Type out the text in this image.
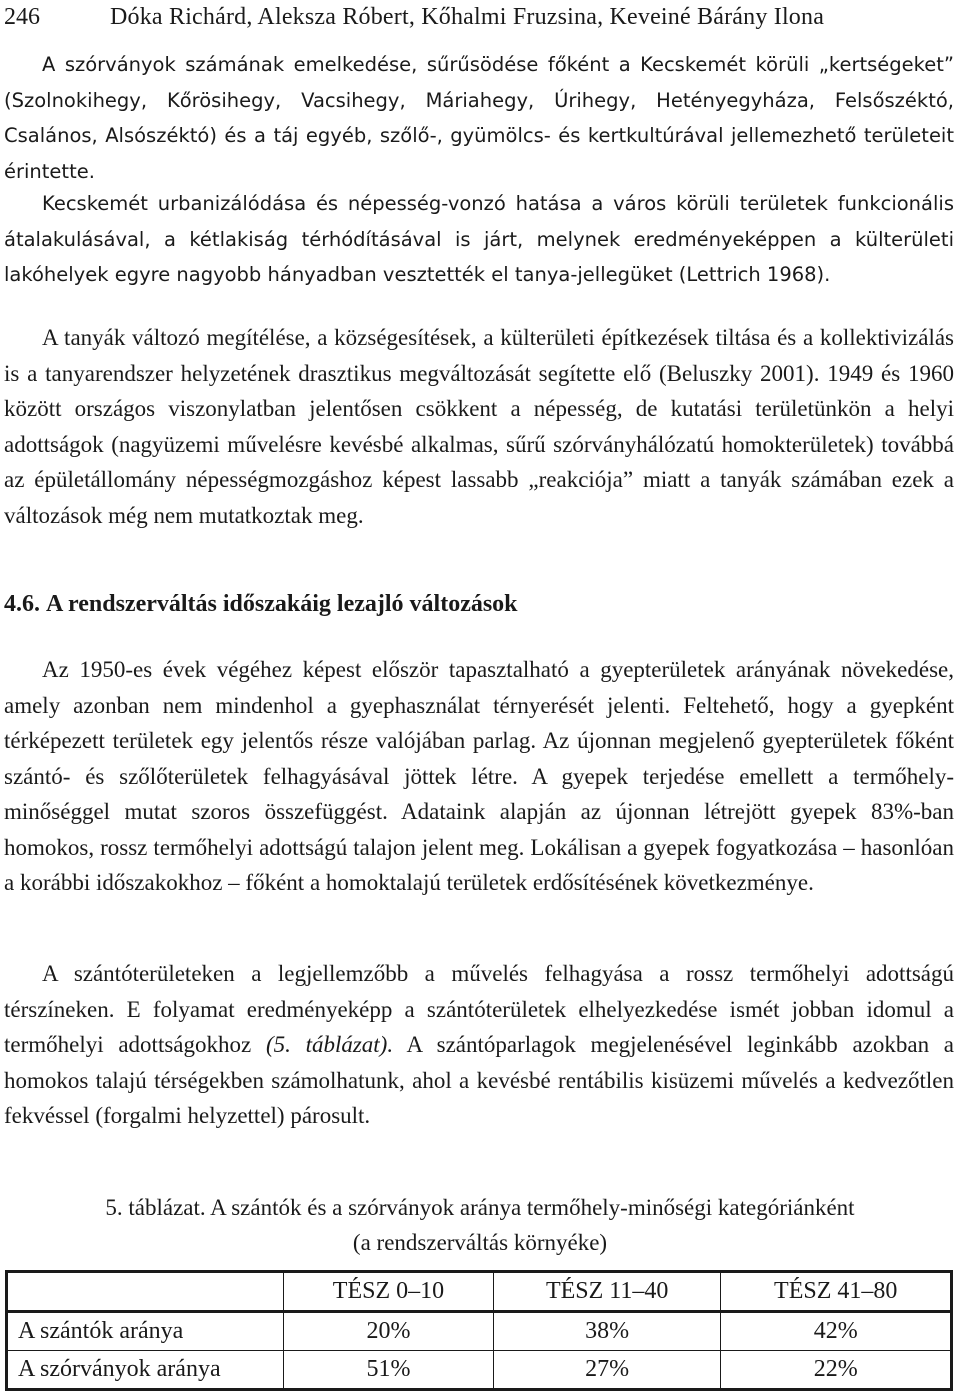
246	Dóka Richárd, Aleksza Róbert, Kőhalmi Fruzsina, Keveiné Bárány Ilona

A szórványok számának emelkedése, sűrűsödése főként a Kecskemét körüli „kertségeket” (Szolnokihegy, Kőrösihegy, Vacsihegy, Máriahegy, Úrihegy, Hetényegyháza, Felsőszéktó, Csalános, Alsószéktó) és a táj egyéb, szőlő-, gyümölcs- és kertkultúrával jellemezhető területeit érintette.

Kecskemét urbanizálódása és népesség-vonzó hatása a város körüli területek funkcionális átalakulásával, a kétlakiság térhódításával is járt, melynek eredményeképpen a külterületi lakóhelyek egyre nagyobb hányadban vesztették el tanya-jellegüket (Lettrich 1968).

A tanyák változó megítélése, a községesítések, a külterületi építkezések tiltása és a kollektivizálás is a tanyarendszer helyzetének drasztikus megváltozását segítette elő (Beluszky 2001). 1949 és 1960 között országos viszonylatban jelentősen csökkent a népesség, de kutatási területünkön a helyi adottságok (nagyüzemi művelésre kevésbé alkalmas, sűrű szórványhálózatú homokterületek) továbbá az épületállomány népességmozgáshoz képest lassabb „reakciója” miatt a tanyák számában ezek a változások még nem mutatkoztak meg.

4.6. A rendszerváltás időszakáig lezajló változások

Az 1950-es évek végéhez képest először tapasztalható a gyepterületek arányának növekedése, amely azonban nem mindenhol a gyephasználat térnyerését jelenti. Feltehető, hogy a gyepként térképezett területek egy jelentős része valójában parlag. Az újonnan megjelenő gyepterületek főként szántó- és szőlőterületek felhagyásával jöttek létre. A gyepek terjedése emellett a termőhely-minőséggel mutat szoros összefüggést. Adataink alapján az újonnan létrejött gyepek 83%-ban homokos, rossz termőhelyi adottságú talajon jelent meg. Lokálisan a gyepek fogyatkozása – hasonlóan a korábbi időszakokhoz – főként a homoktalajú területek erdősítésének következménye.

A szántóterületeken a legjellemzőbb a művelés felhagyása a rossz termőhelyi adottságú térszíneken. E folyamat eredményeképp a szántóterületek elhelyezkedése ismét jobban idomul a termőhelyi adottságokhoz (5. táblázat). A szántóparlagok megjelenésével leginkább azokban a homokos talajú térségekben számolhatunk, ahol a kevésbé rentábilis kisüzemi művelés a kedvezőtlen fekvéssel (forgalmi helyzettel) párosult.

5. táblázat. A szántók és a szórványok aránya termőhely-minőségi kategóriánként
(a rendszerváltás környéke)
	TÉSZ 0–10	TÉSZ 11–40	TÉSZ 41–80
A szántók aránya	20%	38%	42%
A szórványok aránya	51%	27%	22%
